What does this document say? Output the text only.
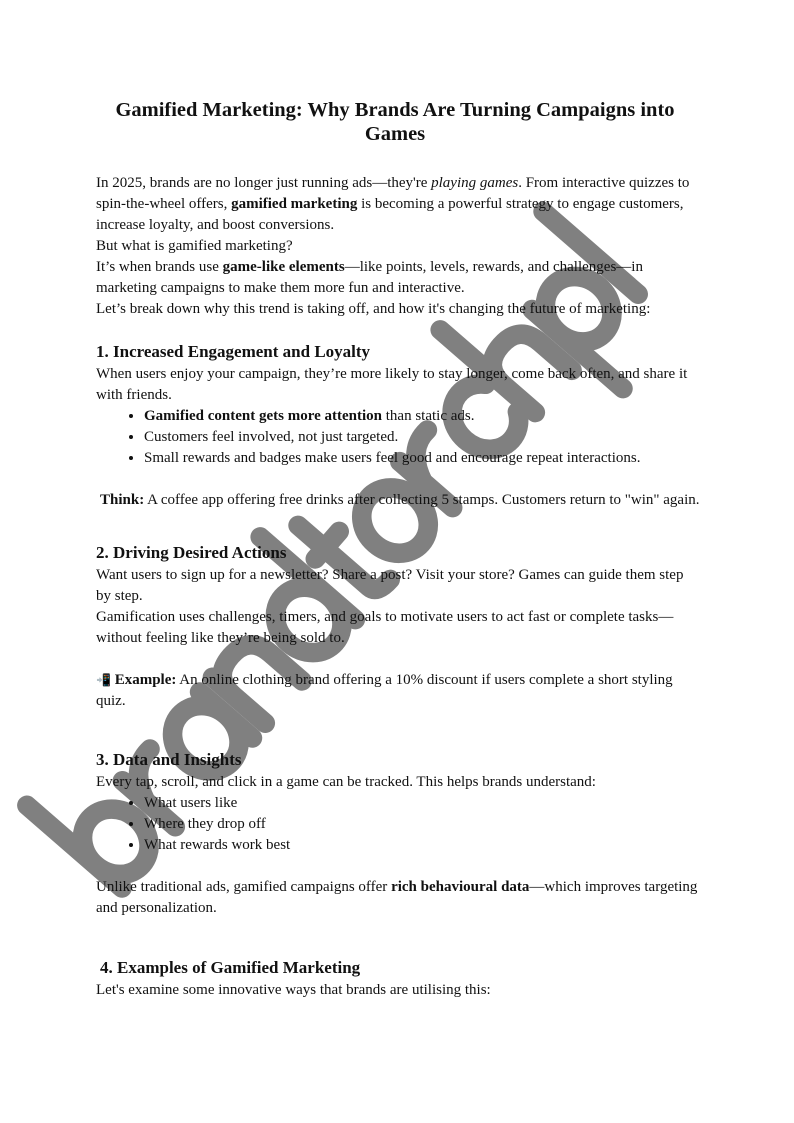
Gamified Marketing: Why Brands Are Turning Campaigns into Games

In 2025, brands are no longer just running ads—they're playing games. From interactive quizzes to spin-the-wheel offers, gamified marketing is becoming a powerful strategy to engage customers, increase loyalty, and boost conversions.

But what is gamified marketing?

It’s when brands use game-like elements—like points, levels, rewards, and challenges—in marketing campaigns to make them more fun and interactive.

Let’s break down why this trend is taking off, and how it's changing the future of marketing:

1. Increased Engagement and Loyalty

When users enjoy your campaign, they’re more likely to stay longer, come back often, and share it with friends.

• Gamified content gets more attention than static ads.
• Customers feel involved, not just targeted.
• Small rewards and badges make users feel good and encourage repeat interactions.

Think: A coffee app offering free drinks after collecting 5 stamps. Customers return to "win" again.

2. Driving Desired Actions

Want users to sign up for a newsletter? Share a post? Visit your store? Games can guide them step by step.

Gamification uses challenges, timers, and goals to motivate users to act fast or complete tasks—without feeling like they’re being sold to.

📲 Example: An online clothing brand offering a 10% discount if users complete a short styling quiz.

3. Data and Insights

Every tap, scroll, and click in a game can be tracked. This helps brands understand:

• What users like
• Where they drop off
• What rewards work best

Unlike traditional ads, gamified campaigns offer rich behavioural data—which improves targeting and personalization.

4. Examples of Gamified Marketing

Let's examine some innovative ways that brands are utilising this:
